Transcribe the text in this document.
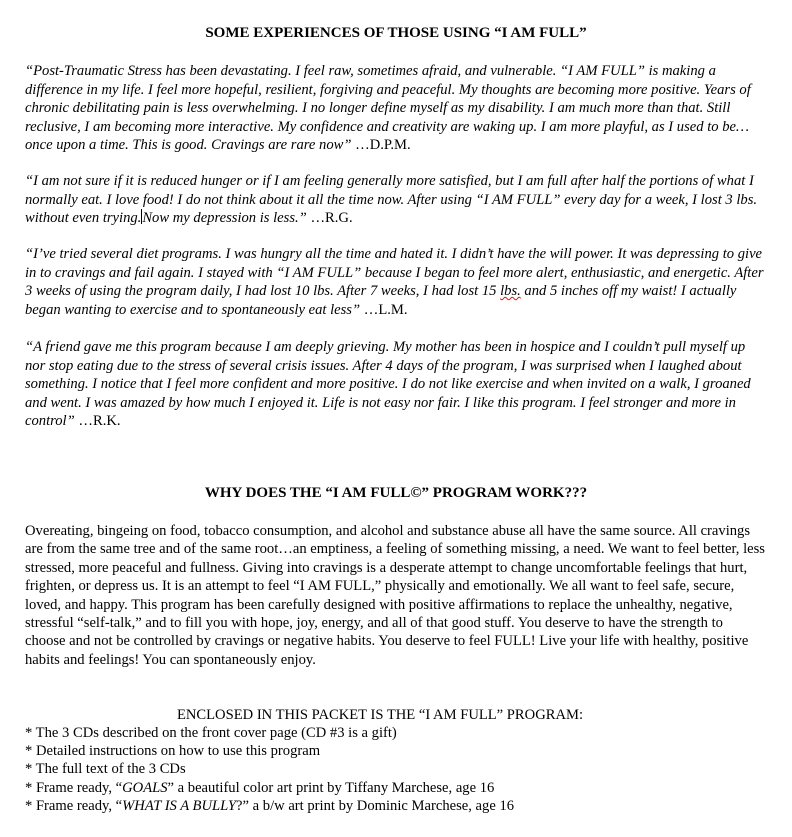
SOME EXPERIENCES OF THOSE USING “I AM FULL”

“Post-Traumatic Stress has been devastating. I feel raw, sometimes afraid, and vulnerable. “I AM FULL” is making a difference in my life. I feel more hopeful, resilient, forgiving and peaceful. My thoughts are becoming more positive. Years of chronic debilitating pain is less overwhelming. I no longer define myself as my disability. I am much more than that. Still reclusive, I am becoming more interactive. My confidence and creativity are waking up. I am more playful, as I used to be…once upon a time. This is good. Cravings are rare now” …D.P.M.

“I am not sure if it is reduced hunger or if I am feeling generally more satisfied, but I am full after half the portions of what I normally eat. I love food! I do not think about it all the time now. After using “I AM FULL” every day for a week, I lost 3 lbs. without even trying.Now my depression is less.” …R.G.

“I’ve tried several diet programs. I was hungry all the time and hated it. I didn’t have the will power. It was depressing to give in to cravings and fail again. I stayed with “I AM FULL” because I began to feel more alert, enthusiastic, and energetic. After 3 weeks of using the program daily, I had lost 10 lbs. After 7 weeks, I had lost 15 lbs. and 5 inches off my waist! I actually began wanting to exercise and to spontaneously eat less” …L.M.

“A friend gave me this program because I am deeply grieving. My mother has been in hospice and I couldn’t pull myself up nor stop eating due to the stress of several crisis issues. After 4 days of the program, I was surprised when I laughed about something. I notice that I feel more confident and more positive. I do not like exercise and when invited on a walk, I groaned and went. I was amazed by how much I enjoyed it. Life is not easy nor fair. I like this program. I feel stronger and more in control” …R.K.

WHY DOES THE “I AM FULL©” PROGRAM WORK???

Overeating, bingeing on food, tobacco consumption, and alcohol and substance abuse all have the same source. All cravings are from the same tree and of the same root…an emptiness, a feeling of something missing, a need. We want to feel better, less stressed, more peaceful and fullness. Giving into cravings is a desperate attempt to change uncomfortable feelings that hurt, frighten, or depress us. It is an attempt to feel “I AM FULL,” physically and emotionally. We all want to feel safe, secure, loved, and happy. This program has been carefully designed with positive affirmations to replace the unhealthy, negative, stressful “self-talk,” and to fill you with hope, joy, energy, and all of that good stuff. You deserve to have the strength to choose and not be controlled by cravings or negative habits. You deserve to feel FULL! Live your life with healthy, positive habits and feelings! You can spontaneously enjoy.

ENCLOSED IN THIS PACKET IS THE “I AM FULL” PROGRAM:

* The 3 CDs described on the front cover page (CD #3 is a gift)
* Detailed instructions on how to use this program
* The full text of the 3 CDs
* Frame ready, “GOALS” a beautiful color art print by Tiffany Marchese, age 16
* Frame ready, “WHAT IS A BULLY?” a b/w art print by Dominic Marchese, age 16
